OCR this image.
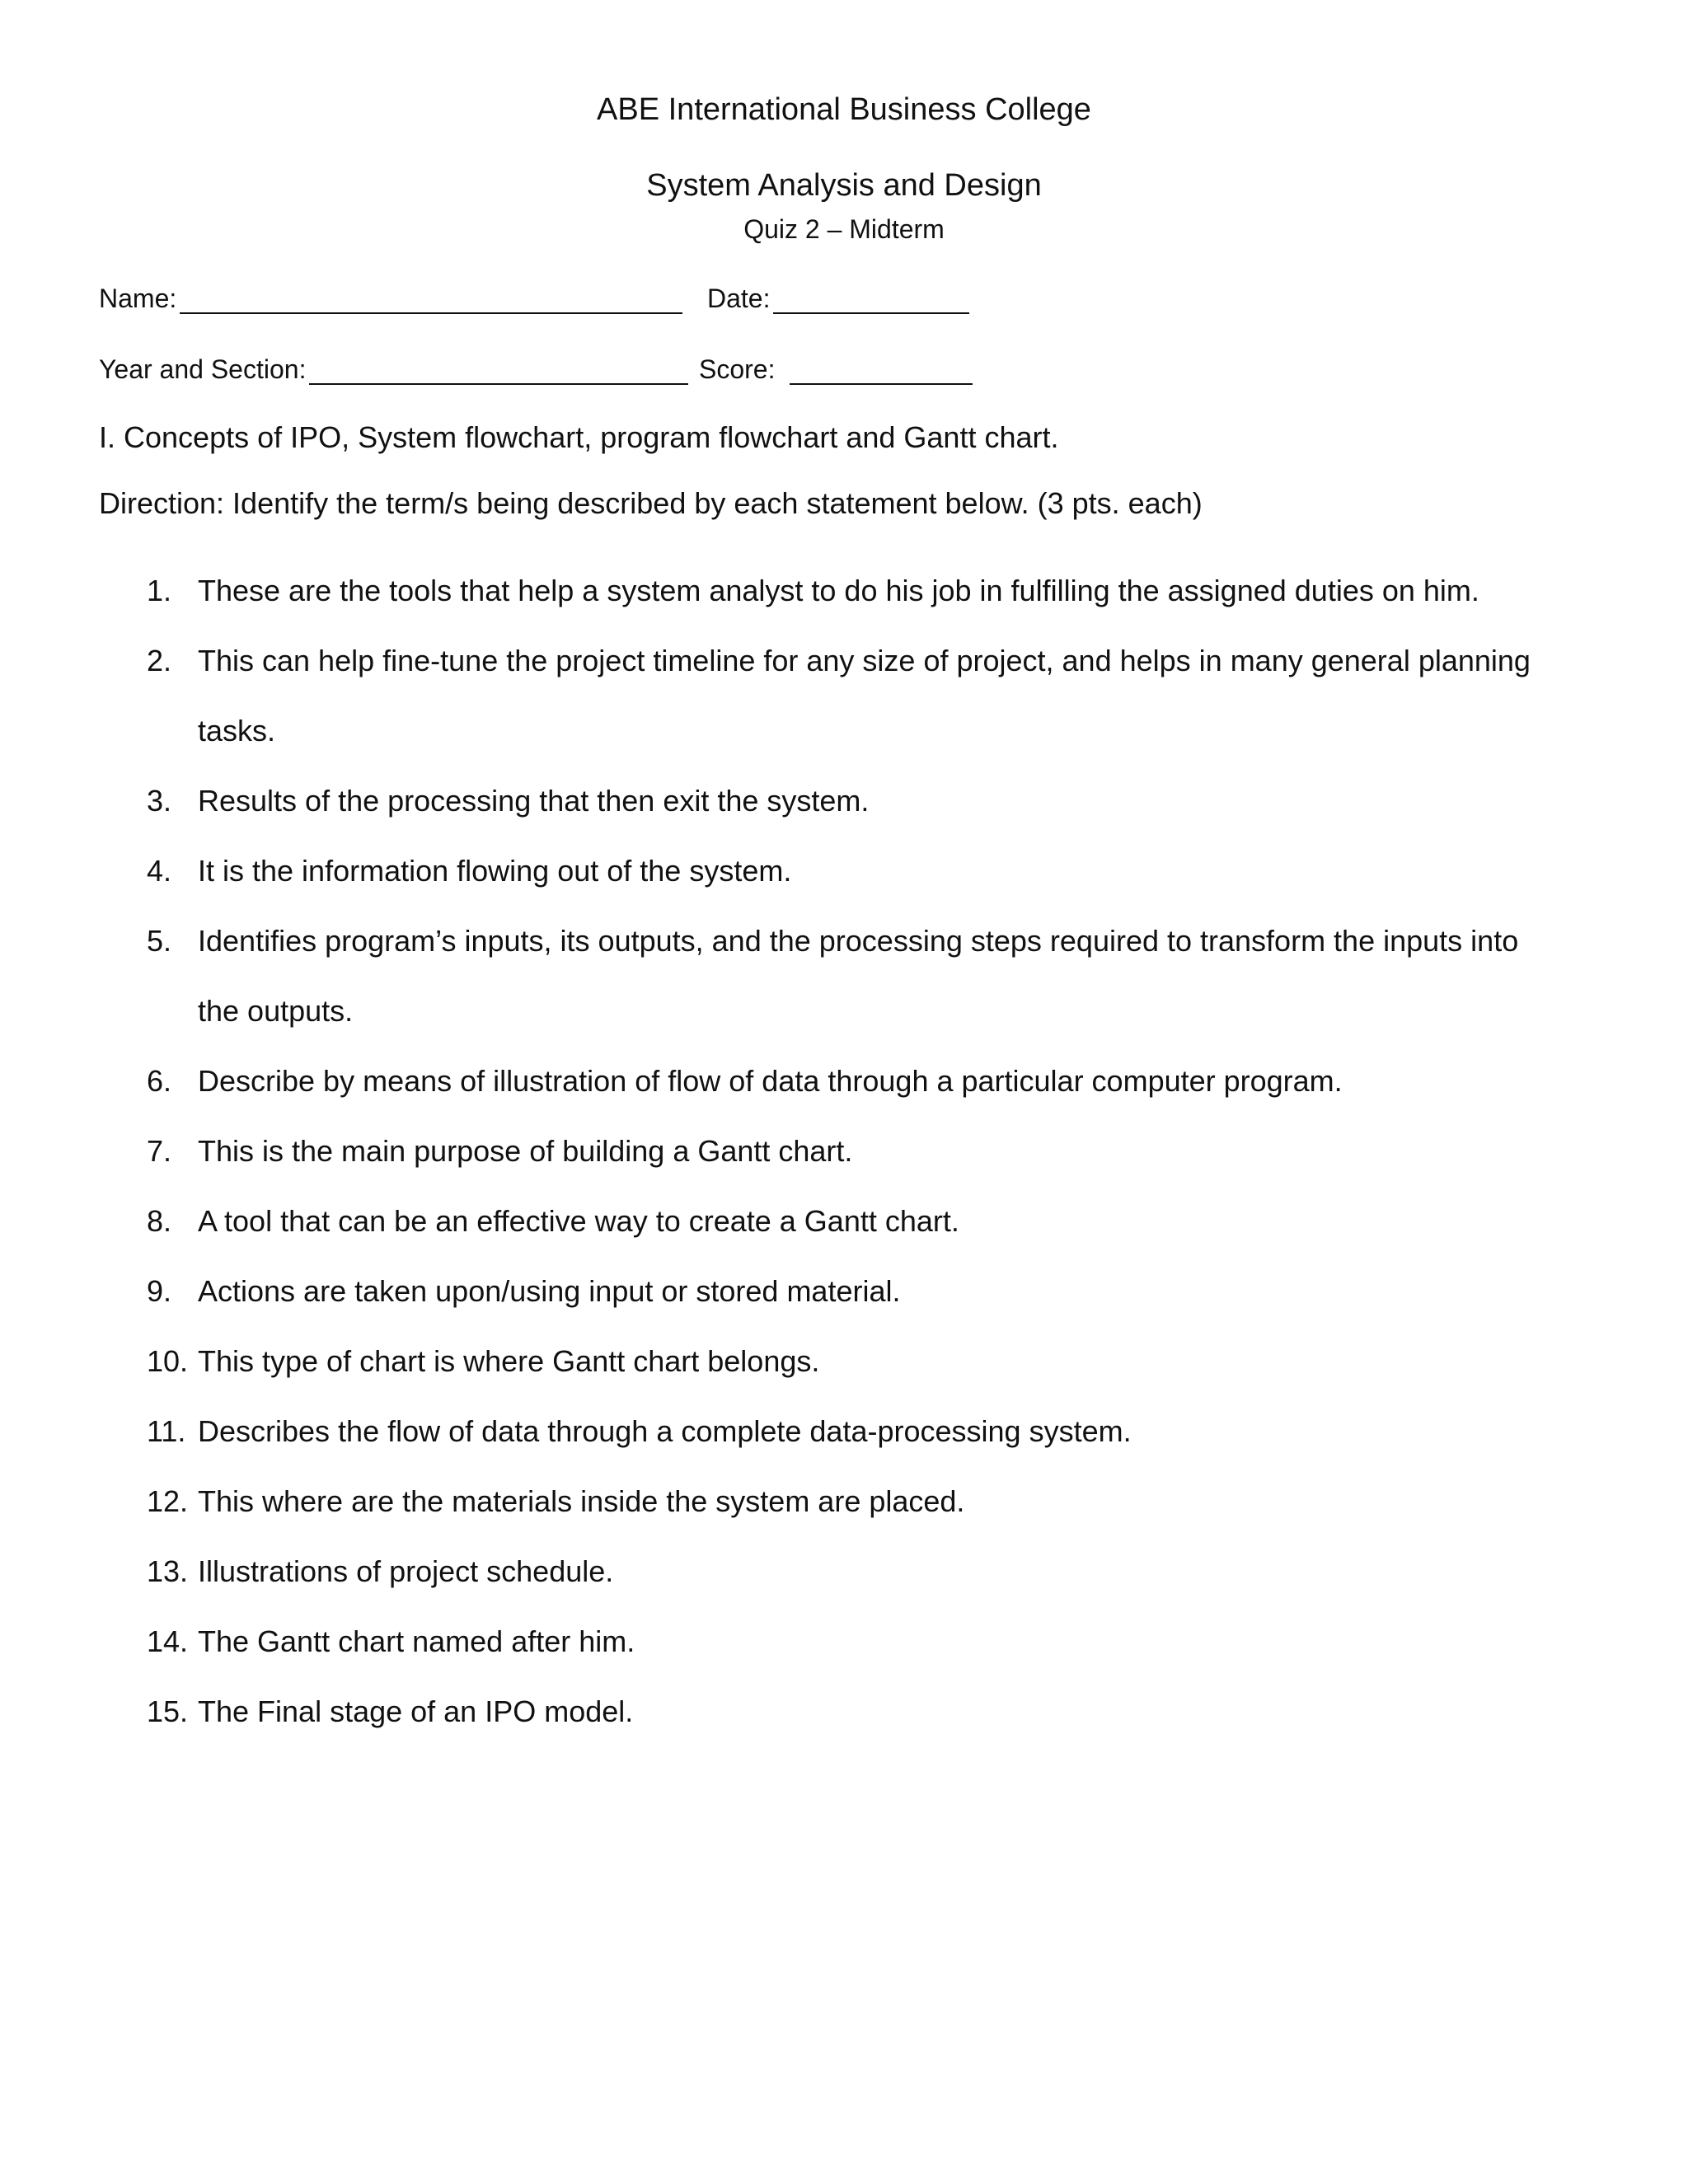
ABE International Business College
System Analysis and Design
Quiz 2 – Midterm
Name:	Date:
Year and Section:	Score:
I. Concepts of IPO, System flowchart, program flowchart and Gantt chart.
Direction: Identify the term/s being described by each statement below. (3 pts. each)
1. These are the tools that help a system analyst to do his job in fulfilling the assigned duties on him.
2. This can help fine-tune the project timeline for any size of project, and helps in many general planning tasks.
3. Results of the processing that then exit the system.
4. It is the information flowing out of the system.
5. Identifies program’s inputs, its outputs, and the processing steps required to transform the inputs into the outputs.
6. Describe by means of illustration of flow of data through a particular computer program.
7. This is the main purpose of building a Gantt chart.
8. A tool that can be an effective way to create a Gantt chart.
9. Actions are taken upon/using input or stored material.
10. This type of chart is where Gantt chart belongs.
11. Describes the flow of data through a complete data-processing system.
12. This where are the materials inside the system are placed.
13.Illustrations of project schedule.
14.The Gantt chart named after him.
15.The Final stage of an IPO model.
